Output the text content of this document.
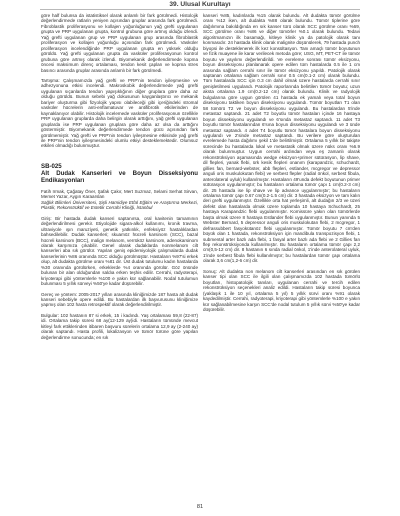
39. Ulusal Kurultayı

göre half bulunsa da istatistiksel olarak anlamlı bir fark görülmedi. Histolojik değerlendirmede ratlarin yeniyen açısından gruplar arasında fark görülmedi. Fibroblastik proliferasyonu ve kollajen yoğunluğunun yağ grefti uygulanan grupta ve PRP uygulanan grupta, kontrol grubuna göre artmış olduğu izlendi. Yağ grefti uygulanan grup ve PRP uygulanan grup arasında fibroblastik proliferasyon ve kollajen yoğunluğu açısından fark görülmedi. Vasküler proliferasyon incelendiğinde PRP uygulanan grupta en yüksek olduğu görüldü. Yağ grefti uygulanan grupta da vasküler proliferasyonun kontrol grubuna göre artmış olarak izlendi. Biyomekanik değerlendirmede kopma öncesi maksimum direnç ortalaması, tendon kesit çapları ve kopma stres basıncı arasında gruplar arasında anlamlı bir fark görülmedi.

Tartışma: Çalışmamızda yağ grefti ve PRP'nin tendon iyileşmesine ve adhezyonuna etkisi incelendi. Makroskobik değerlendirmede yağ grefti uygulanan sıçanlarda tendon yapışıklığının diğer gruplara göre daha az olduğu görüldü. Bunun sebebi yağ dokusunun kayganlaştırıcı ve mekanik bariyer oluşturma gibi fizyolojik yapısı olabileceği gibi içeriğindeki stromal vasküler hücrelerin anti-enflamatuvar ve antifibrotik etkilerinden de kaynaklanıyor olabilir. Histolojik incelemede vasküler proliferasyonun özellikle PRP uygulanan gruplarda daha belirgin olarak arttığını, yağ grefti uygulanan gruplarda ise PRP uygulanan gruplara göre daha az olsa da arttığını göstermiştir. Biyomekanik değerlendirmede tendon gücü açısından fark görülmemiştir. Yağ grefti ve PRP'nin tendon iyileşmesine etkisinde yağ grefti ile PRP'nin tendon iyileşmesindeki olumlu etkiyi desteklemektedir. Olumsuz etkileri olmadığı bulunmuştur.

SB-025

Alt Dudak Kanserleri ve Boyun Disseksiyonu Endikasyonları

Fatih Irmak, Çağatay Öner, Şafak Çakır, Mert Suzmaz, Selami Serhat Sirvan, Memet Yazar, Aygın Karaarslan

Sağlık Bilimleri Üniversitesi, Şişli Hamidiye Etfal Eğitim ve Araştırma Merkezi, Plastik, Rekonstrüktif ve Estetik Cerrahi Kliniği, İstanbul

Giriş: Bir hastada dudak kanseri saptanırsa, oral kavitenin tamamının değerlendirilmesi gerekir. Etiyolojide sigara-alkol kullanımı, kronik travma, ultraviyole ışın maruziyeti, genetik yatkınlık, enfeksiyöz hastalıklardan bahsedilebilir. Dudak kanserleri; skuamöz hücreli karsinom (SCC), bazal hücreli karsinom (BCC), malign melanom, verrüköz karsinom, adenokarsinom olarak karşımıza çıkabilir. Genel olarak dudaklarda nonmelanom cilt kanserleri aba sık görülür. Yapılan geniş epidemiyolojik çalışmalarda dudak kanserlerinin %86 oranında SCC olduğu görülmüştür. Hastaların %97'si erkek olup, alt dudakta görülme oranı %81 dir. Üst dudak tutulumu kadın hastalarda %30 oranında görülürken, erkeklerde %4 oranında görülür. Göz önünde bulunan bir alan olduğundan saldıa erken teşhis edilir. Cerrahi, radyoterapi, kriyoterapi gibi yöntemlerle %100 e yakın kür sağlanabilir. Nodal tutulumun bulunması 5 yıllık sürveyi %50'ye kadar düşürebilir.

Gereç ve yöntem: 2005-2017 yılları arasında kliniğimizde 187 hasta alt dudak kanseri sebebiyle opere edildi. Bu hastalardan ilk başvurusunu kliniğimize yapmış olan 102 hasta retrospektif olarak değerlendirilmiştir.

Bulgular: 102 hastanın 87 si erkek, 15 i kadındı. Yaş ortalaması 59,8 (22-87) idi. Ortalama takip süresi 68 ay(12-129 ay)idi. Hastaların tümünde mevcut kitleyi fark ettiklerinden itibaren başvuru sürelerin ortalama 12,9 ay (2-240 ay) olarak saptandı. Hasta profili, lokalizasyon ve tümör türüne göre yapılan değerlendirme sonucunda; en sık

kanseri %85, kadınlarda %15 olarak bulundu. Alt dudakta tümör görülme oranı %12 iken, alt dudakta %88 olarak bulundu. Tümör tiplerine göre dağılımına bakıldığında en sık kanser türü olarak SCC görülme oranı %69, SCC görülme oranı %86 ve diğer tümörler %0.1 olarak bulundu. Tedavi algoritmamızın ilk basamağı, kitleye klinik ya da patolojik olarak tanı konmasıdır. 24 hastada klinik olarak malignite düşünülerek, 79 hastada punch biyopsi ile desteklenerek ilk kez konsültasyon. Tanı amaçlı tümör boyutunun ve fizik muayene ile karar verilecek metoda göre; USG, MT, PET-CT ile tümör boyutu ve yayılımı değerlendirildi. Ve evreleme sonrası tümör eksizyonu, boyun disseksiyonu planlanarak opere edilen tüm hastalarda 0.5 ile 1 cm arasında sağlam cerrahi sınır ile tümör eksizyonu yapıldı. Patolojik olarak saptanan ortalama sağlam cerrahi sınır 0.5 cm(0.1-2 cm) olarak bulundu. Tüm hastalarda SCC için 0.3 cm dahil olmak üzere hastalarda cerrahi sınır genişletilmesi uygulandı. Patolojik raporlarında belirtilen tümör boyutu; uzun aksta ortalama 1.9 cm(0.2-12 cm) olarak bulundu. Klinik ve radyolojik bulgularına göre uygun görülen 41 hastada ek yamalı veya total boyun diseksiyonu taktiken boyun diseksiyonu uygulandı. Tümör boyutları T1 olan 58 tümörü T2 ve boyun disseksiyonu uygulandı. Bu hastalardan 5'inde metastaz saptandı. 21 adet T2 boyutlu tümör hastaları içinde 16 hastaya boyun disseksiyonu uygulandı ve 6'sında metastaz saptandı. 11 adet T3 boyutlu tümör hastalarından 6'sına boyun disseksiyonu uygulandı ve 3 ünde metastaz saptandı. 4 adet T4 boyutlu tümör hastalara boyun disseksiyonu uygulandı ve 2'sinde metastaz saptandı. Bu verilere göre oluşturulan evrelemede hasta dağılımı şekil 1'de belirtilmiştir. Ortalama 5 yıllık bir takipte sürecinde bu hastalarda lokal ve metastatik olmak üzere nüks oranı %6.9 olarak bulunmuştur. Uygun cerrahi ardından veya eş zamanlı olarak rekonstrüksiyon aşamasında wedge eksizyon+primer sütürasyon, lip shave, dil flepleri, yanak flebi, ürk kesik flepleri onanım (karapandzic, schuchardt, gillies fan, bernard-webster, abb flepleri, estlander, mcgregor ve depressor anguli oris muskulokutan flebi) ve serbest flepler (radial önkol, serbest fibula, anterolateral uyluk) kullanılmıştır. Hastaların 49'unda defekt boyutunun primer sütürasyon uygulanmıştır; bu hastaların ortalama tümör çapı 1 cm(0.2-3 cm) dir. 25 hastada ise lip shave ve lip advance uygulanmıştır; bu hastaların ortalama tümör çapı 0.67 cm(0.2-1.5 cm) dir. 3 hastada eksizyon ve tam kalın deri grefti uygulanmıştır. Özellikle orta hat yerleşimli, alt dudağın 2/3 ve üzeri defekt olan hastalarda olmak üzere toplamda 10 hastaya Schuchardt, 25 hastaya Karapandzic flebi uygulanmıştır. Komissüre yakın olan tümörlerde başta olmak üzere 8 hastaya Estlander flebi uygulanmıştır. Bunun yanında 5 Webster Bernard, 5 depressor anguli oris muskulokutan flebi, 2 mcgregor, 1 defrassubbert fasyokütanöz flebi uygulanmıştır. Tümör boyutu 7 cm'den büyük olan 1 hastada, rekonstrüksiyon için mandibula transpozisyon flebi, 1 submental arter bazlı ada flebi, 1 fasyal arter bazlı ada flebi ve 2 Gillies fan flep rekonstrüksiyonda kullanılmıştır. Bu hastaların ortalama tümör çapı 2,2 cm(0,5-12 cm) dir. 8 hastanın 6 sında radial önkol, 1'inde anterolateral uyluk, 1'inde serbest fibula flebi kullanılmıştır; bu hastalardan tümör çapı ortalama olarak 3,6 cm(1,2-6 cm) dir.

Sonuç: Alt dudakta non melanom cilt kanserleri arasından en sık görülen kanser tipi olan SCC ile ilgili olan çalışmamızda 102 hastada tümörlü boyutları, histopatolojik tanıları, uygulanan cerrahi ve tercih edilen rekonstrüksiyon seçenekleri analiz edildi. Hastaların takip süresi boyunca (yaklaşık 1 ile 10 yıl, ortalama 5 yıl) 5 yıllık sürvi oranı %91 olarak kaydedilmiştir. Cerrahi, radyoterapi, kriyoterapi gibi yöntemlerle %100 e yakın kür sağlanabilmesine karşın SCC'de nodal tutulum 5 yıllık sürvi %50'ye kadar düşürebilir.

81
